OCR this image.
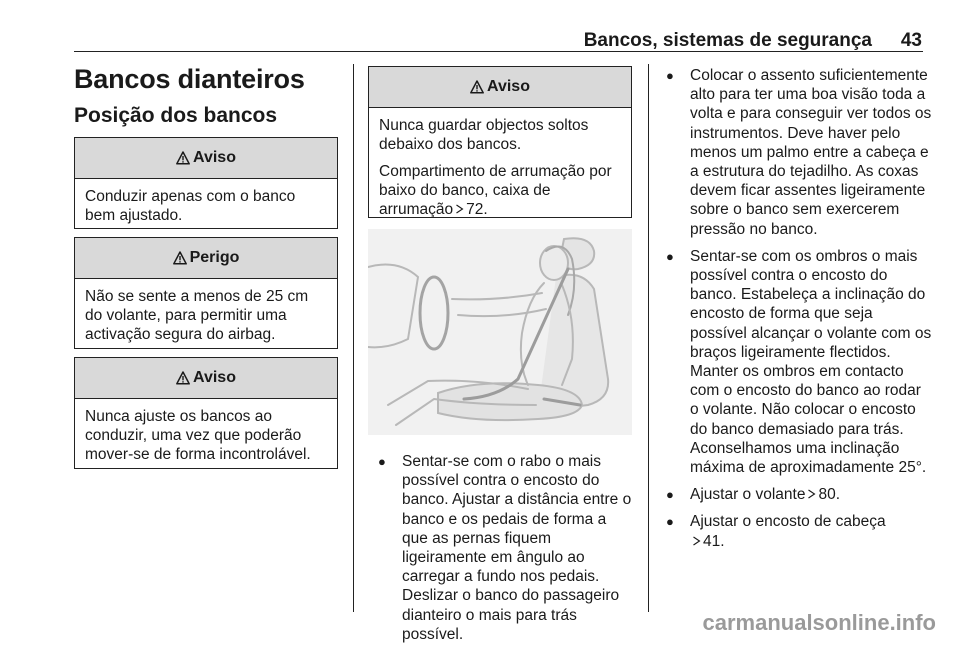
Bancos, sistemas de segurança 43
Bancos dianteiros
Posição dos bancos
Aviso

Conduzir apenas com o banco bem ajustado.

Perigo

Não se sente a menos de 25 cm do volante, para permitir uma activação segura do airbag.

Aviso

Nunca ajuste os bancos ao conduzir, uma vez que poderão mover-se de forma incontrolável.

Aviso

Nunca guardar objectos soltos debaixo dos bancos.

Compartimento de arrumação por baixo do banco, caixa de arrumação 72.

●	Sentar-se com o rabo o mais possível contra o encosto do banco. Ajustar a distância entre o banco e os pedais de forma a que as pernas fiquem ligeiramente em ângulo ao carregar a fundo nos pedais. Deslizar o banco do passageiro dianteiro o mais para trás possível.
●	Colocar o assento suficientemente alto para ter uma boa visão toda a volta e para conseguir ver todos os instrumentos. Deve haver pelo menos um palmo entre a cabeça e a estrutura do tejadilho. As coxas devem ficar assentes ligeiramente sobre o banco sem exercerem pressão no banco.
●	Sentar-se com os ombros o mais possível contra o encosto do banco. Estabeleça a inclinação do encosto de forma que seja possível alcançar o volante com os braços ligeiramente flectidos. Manter os ombros em contacto com o encosto do banco ao rodar o volante. Não colocar o encosto do banco demasiado para trás. Aconselhamos uma inclinação máxima de aproximadamente 25°.
●	Ajustar o volante 80.
●	Ajustar o encosto de cabeça
41.
carmanualsonline.info
